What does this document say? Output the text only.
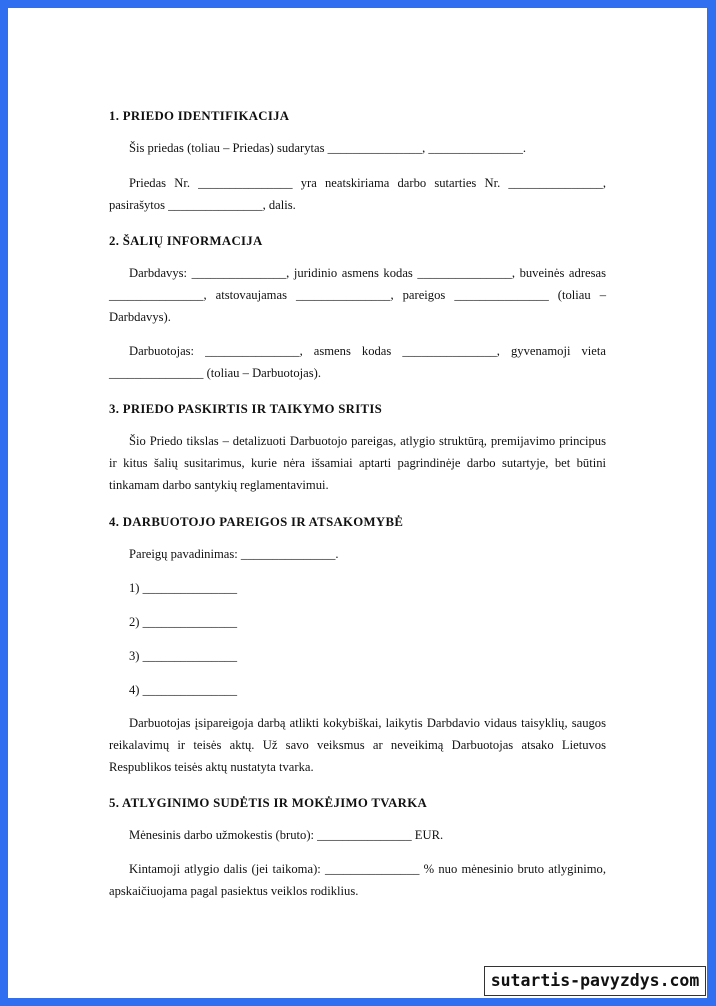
1. PRIEDO IDENTIFIKACIJA
Šis priedas (toliau – Priedas) sudarytas _______________, _______________.
Priedas Nr. _______________ yra neatskiriama darbo sutarties Nr. _______________, pasirašytos _______________, dalis.
2. ŠALIŲ INFORMACIJA
Darbdavys: _______________, juridinio asmens kodas _______________, buveinės adresas _______________, atstovaujamas _______________, pareigos _______________ (toliau – Darbdavys).
Darbuotojas: _______________, asmens kodas _______________, gyvenamoji vieta _______________ (toliau – Darbuotojas).
3. PRIEDO PASKIRTIS IR TAIKYMO SRITIS
Šio Priedo tikslas – detalizuoti Darbuotojo pareigas, atlygio struktūrą, premijavimo principus ir kitus šalių susitarimus, kurie nėra išsamiai aptarti pagrindinėje darbo sutartyje, bet būtini tinkamam darbo santykių reglamentavimui.
4. DARBUOTOJO PAREIGOS IR ATSAKOMYBĖ
Pareigų pavadinimas: _______________.
1) _______________
2) _______________
3) _______________
4) _______________
Darbuotojas įsipareigoja darbą atlikti kokybiškai, laikytis Darbdavio vidaus taisyklių, saugos reikalavimų ir teisės aktų. Už savo veiksmus ar neveikimą Darbuotojas atsako Lietuvos Respublikos teisės aktų nustatyta tvarka.
5. ATLYGINIMO SUDĖTIS IR MOKĖJIMO TVARKA
Mėnesinis darbo užmokestis (bruto): _______________ EUR.
Kintamoji atlygio dalis (jei taikoma): _______________ % nuo mėnesinio bruto atlyginimo, apskaičiuojama pagal pasiektus veiklos rodiklius.
sutartis-pavyzdys.com
